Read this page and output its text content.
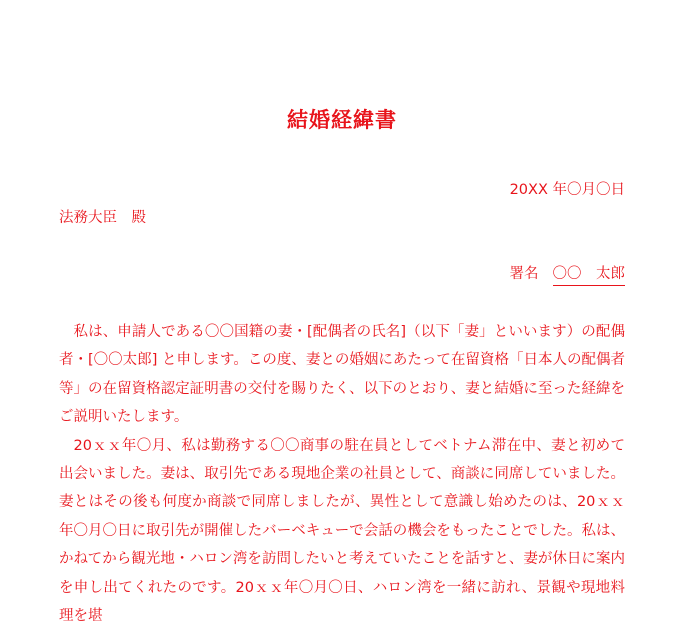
結婚経緯書
20XX 年〇月〇日
法務大臣　殿
署名 〇〇　太郎

私は、申請人である〇〇国籍の妻・[配偶者の氏名]（以下「妻」といいます）の配偶者・[〇〇太郎] と申します。この度、妻との婚姻にあたって在留資格「日本人の配偶者等」の在留資格認定証明書の交付を賜りたく、以下のとおり、妻と結婚に至った経緯をご説明いたします。

20ｘｘ年〇月、私は勤務する〇〇商事の駐在員としてベトナム滞在中、妻と初めて出会いました。妻は、取引先である現地企業の社員として、商談に同席していました。妻とはその後も何度か商談で同席しましたが、異性として意識し始めたのは、20ｘｘ年〇月〇日に取引先が開催したバーベキューで会話の機会をもったことでした。私は、かねてから観光地・ハロン湾を訪問したいと考えていたことを話すと、妻が休日に案内を申し出てくれたのです。20ｘｘ年〇月〇日、ハロン湾を一緒に訪れ、景観や現地料理を堪
